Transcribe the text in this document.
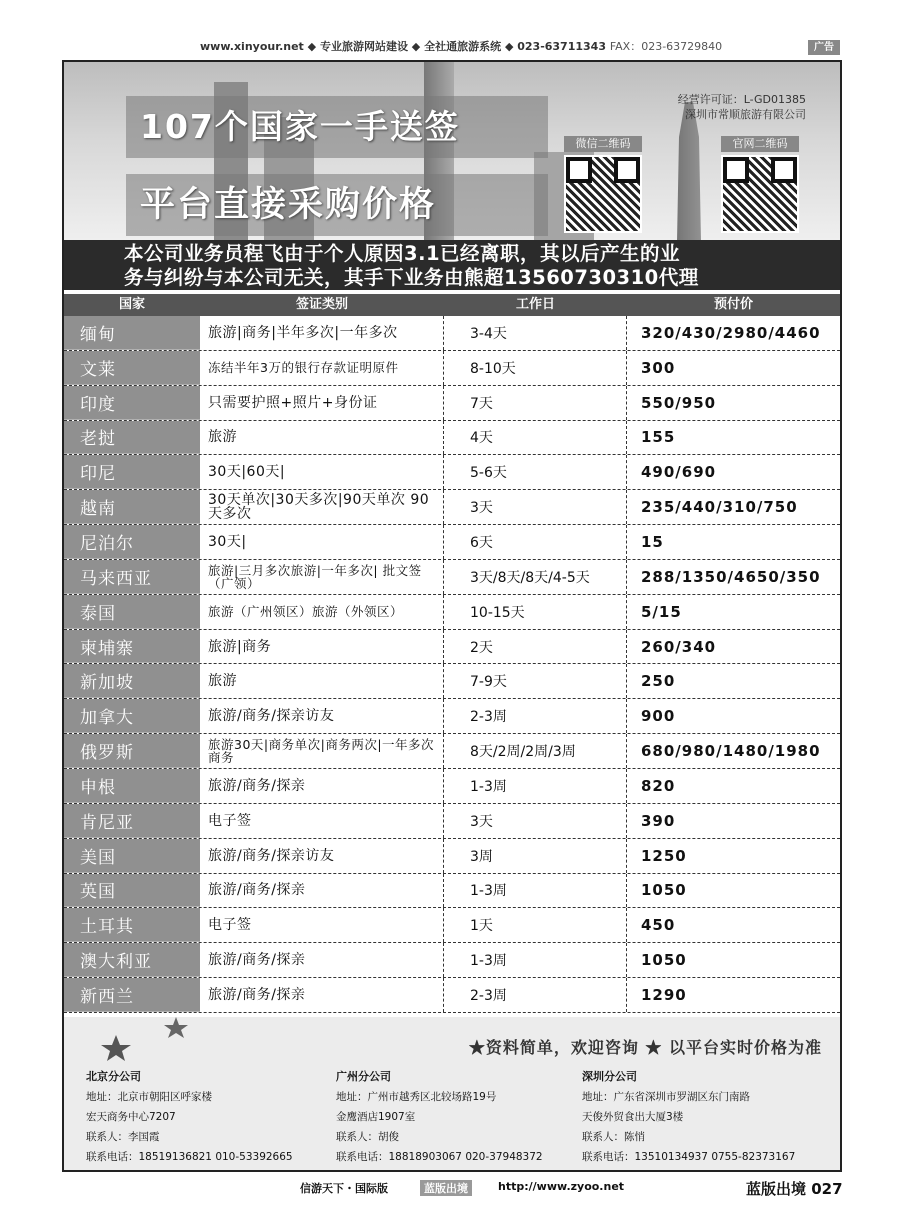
www.xinyour.net ◆ 专业旅游网站建设 ◆ 全社通旅游系统 ◆ 023-63711343 FAX：023-63729840	广告
107个国家一手送签
平台直接采购价格
经营许可证：L-GD01385
深圳市常顺旅游有限公司
微信二维码	官网二维码
本公司业务员程飞由于个人原因3.1已经离职，其以后产生的业
务与纠纷与本公司无关，其手下业务由熊超13560730310代理
国家	签证类别	工作日	预付价
缅甸	旅游|商务|半年多次|一年多次	3-4天	320/430/2980/4460
文莱	冻结半年3万的银行存款证明原件	8-10天	300
印度	只需要护照+照片+身份证	7天	550/950
老挝	旅游	4天	155
印尼	30天|60天|	5-6天	490/690
越南	30天单次|30天多次|90天单次 90天多次	3天	235/440/310/750
尼泊尔	30天|	6天	15
马来西亚	旅游|三月多次旅游|一年多次| 批文签（广领）	3天/8天/8天/4-5天	288/1350/4650/350
泰国	旅游（广州领区）旅游（外领区）	10-15天	5/15
柬埔寨	旅游|商务	2天	260/340
新加坡	旅游	7-9天	250
加拿大	旅游/商务/探亲访友	2-3周	900
俄罗斯	旅游30天|商务单次|商务两次|一年多次商务	8天/2周/2周/3周	680/980/1480/1980
申根	旅游/商务/探亲	1-3周	820
肯尼亚	电子签	3天	390
美国	旅游/商务/探亲访友	3周	1250
英国	旅游/商务/探亲	1-3周	1050
土耳其	电子签	1天	450
澳大利亚	旅游/商务/探亲	1-3周	1050
新西兰	旅游/商务/探亲	2-3周	1290
★资料简单，欢迎咨询 ★ 以平台实时价格为准
北京分公司
地址：北京市朝阳区呼家楼
宏天商务中心7207
联系人：李国霞
联系电话：18519136821 010-53392665
广州分公司
地址：广州市越秀区北较场路19号
金鹰酒店1907室
联系人：胡俊
联系电话：18818903067 020-37948372
深圳分公司
地址：广东省深圳市罗湖区东门南路
天俊外贸食出大厦3楼
联系人：陈悄
联系电话：13510134937 0755-82373167
信游天下・国际版	蓝版出境	http://www.zyoo.net	蓝版出境 027
